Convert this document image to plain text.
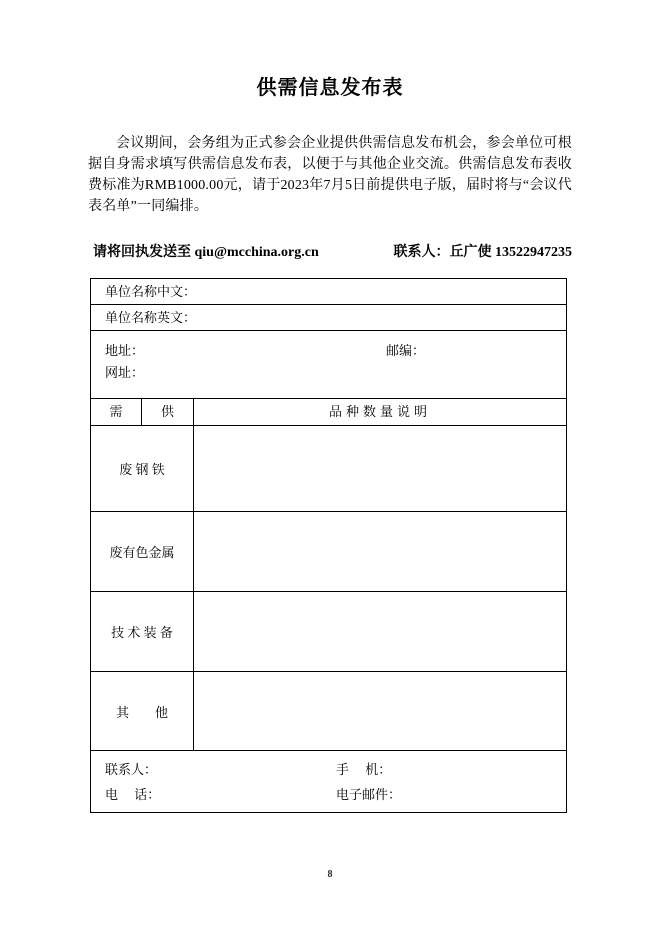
供需信息发布表

会议期间，会务组为正式参会企业提供供需信息发布机会，参会单位可根据自身需求填写供需信息发布表，以便于与其他企业交流。供需信息发布表收费标准为RMB1000.00元，请于2023年7月5日前提供电子版，届时将与“会议代表名单”一同编排。

请将回执发送至 qiu@mcchina.org.cn	联系人：丘广使 13522947235
单位名称中文：
单位名称英文：
地址：	邮编：
网址：
需	供	品种数量说明
废 钢 铁
废有色金属
技 术 装 备
其　　他
联系人：	手　 机：
电　 话：	电子邮件：
8
